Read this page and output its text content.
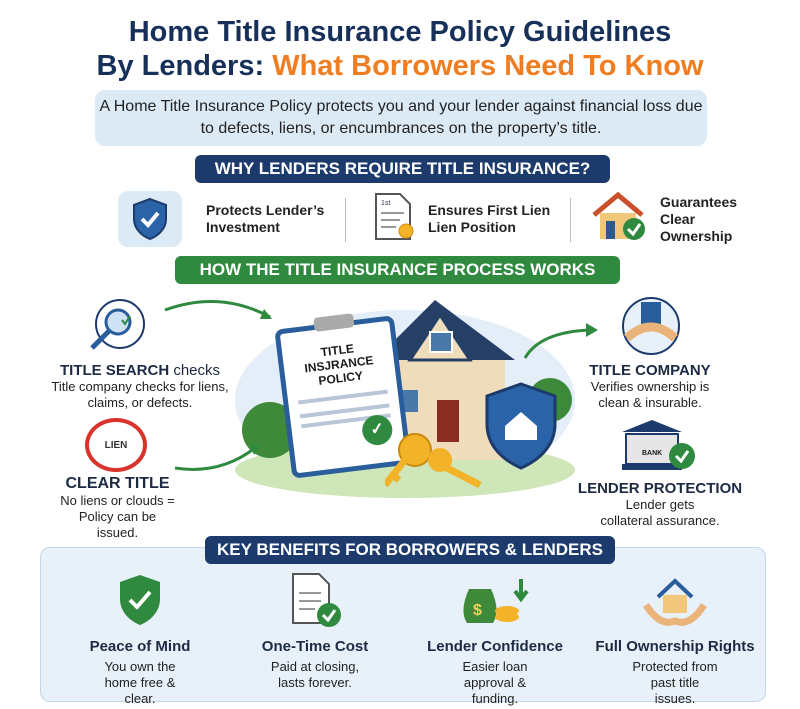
Home Title Insurance Policy Guidelines
By Lenders: What Borrowers Need To Know
A Home Title Insurance Policy protects you and your lender against financial loss due to defects, liens, or encumbrances on the property’s title.
WHY LENDERS REQUIRE TITLE INSURANCE?
Protects Lender’s Investment
1st	Ensures First Lien Lien Position
Guarantees Clear Ownership
HOW THE TITLE INSURANCE PROCESS WORKS
TITLE INSJRANCE POLICY
✓
TITLE SEARCH checks
Title company checks for liens, claims, or defects.
LIEN
CLEAR TITLE
No liens or clouds = Policy can be issued.
TITLE COMPANY
Verifies ownership is clean & insurable.
LENDER PROTECTION
Lender gets collateral assurance.
BANK
KEY BENEFITS FOR BORROWERS & LENDERS
Peace of Mind
You own the home free & clear.
One-Time Cost
Paid at closing, lasts forever.
$
Lender Confidence
Easier loan approval & funding.
Full Ownership Rights
Protected from past title issues.
